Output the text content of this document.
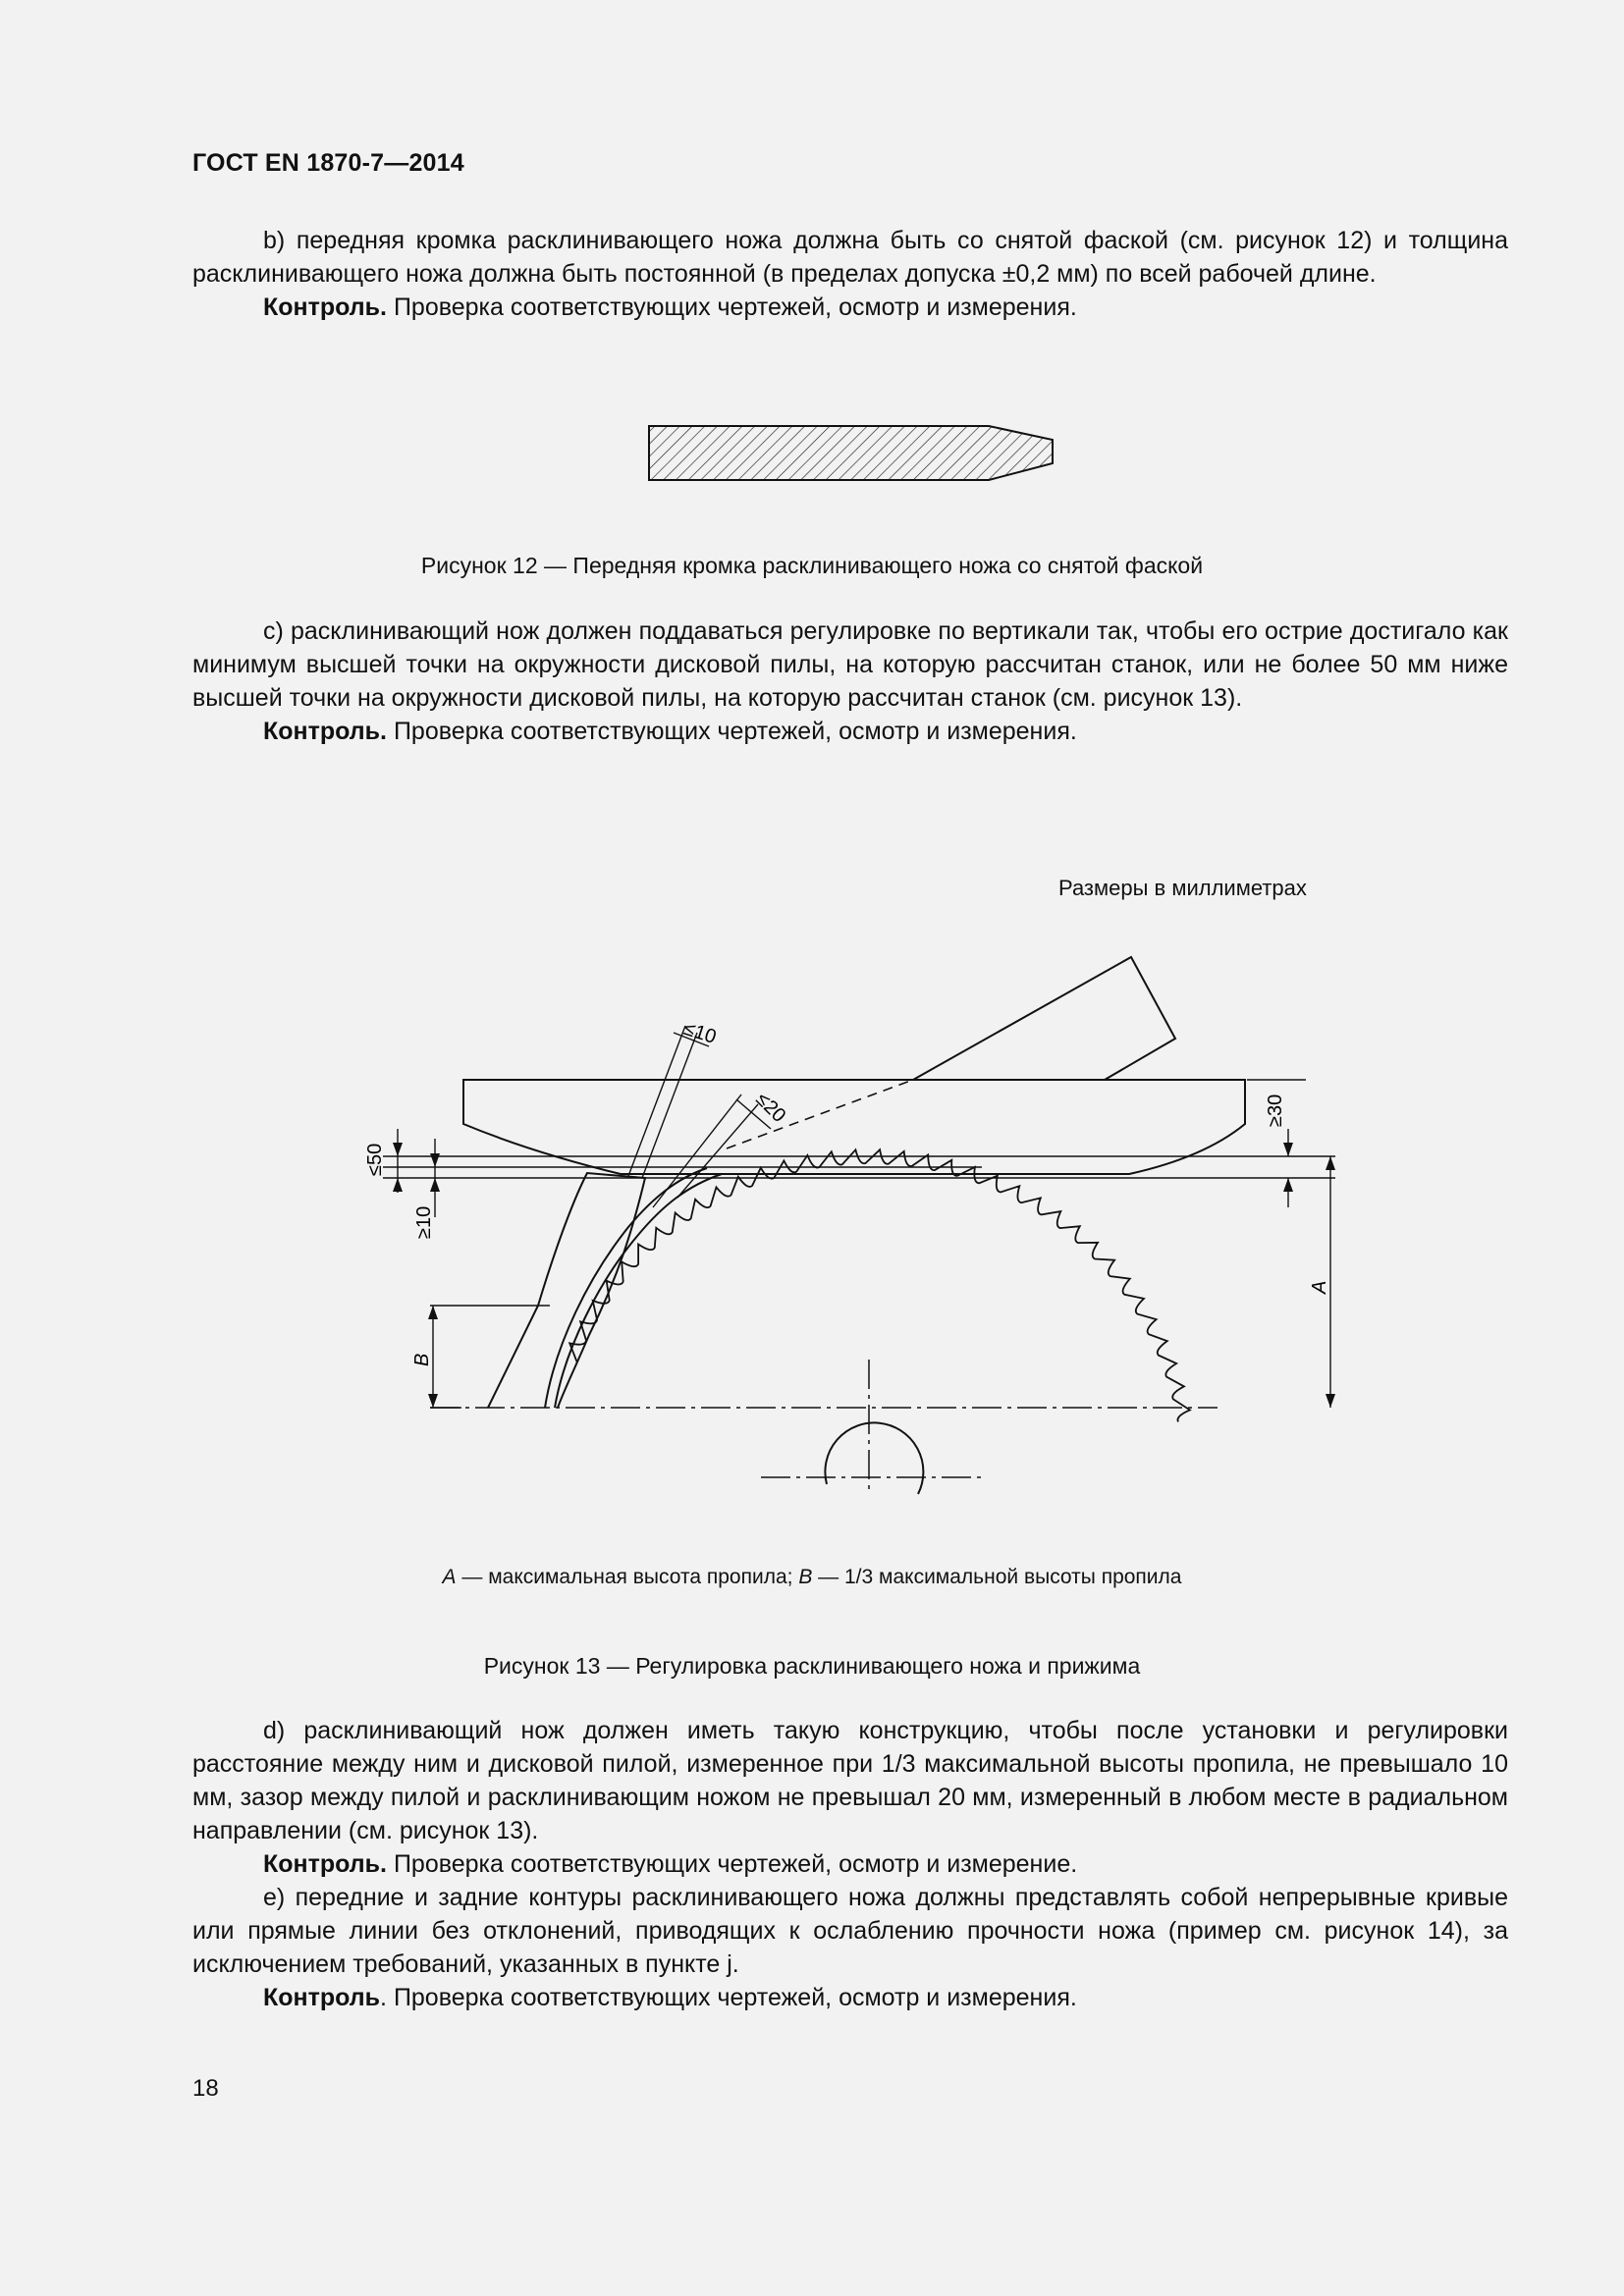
ГОСТ EN 1870-7—2014
b) передняя кромка расклинивающего ножа должна быть со снятой фаской (см. рисунок 12) и толщина расклинивающего ножа должна быть постоянной (в пределах допуска ±0,2 мм) по всей рабочей длине.
Контроль. Проверка соответствующих чертежей, осмотр и измерения.
Рисунок 12 — Передняя кромка расклинивающего ножа со снятой фаской
c) расклинивающий нож должен поддаваться регулировке по вертикали так, чтобы его острие достигало как минимум высшей точки на окружности дисковой пилы, на которую рассчитан станок, или не более 50 мм ниже высшей точки на окружности дисковой пилы, на которую рассчитан станок (см. рисунок 13).
Контроль. Проверка соответствующих чертежей, осмотр и измерения.
Размеры в миллиметрах
≤10
≤20
≤50
≥10
≥30
A
B
A — максимальная высота пропила; B — 1/3 максимальной высоты пропила
Рисунок 13 — Регулировка расклинивающего ножа и прижима
d) расклинивающий нож должен иметь такую конструкцию, чтобы после установки и регулировки расстояние между ним и дисковой пилой, измеренное при 1/3 максимальной высоты пропила, не превышало 10 мм, зазор между пилой и расклинивающим ножом не превышал 20 мм, измеренный в любом месте в радиальном направлении (см. рисунок 13).
Контроль. Проверка соответствующих чертежей, осмотр и измерение.
e) передние и задние контуры расклинивающего ножа должны представлять собой непрерывные кривые или прямые линии без отклонений, приводящих к ослаблению прочности ножа (пример см. рисунок 14), за исключением требований, указанных в пункте j.
Контроль. Проверка соответствующих чертежей, осмотр и измерения.
18
